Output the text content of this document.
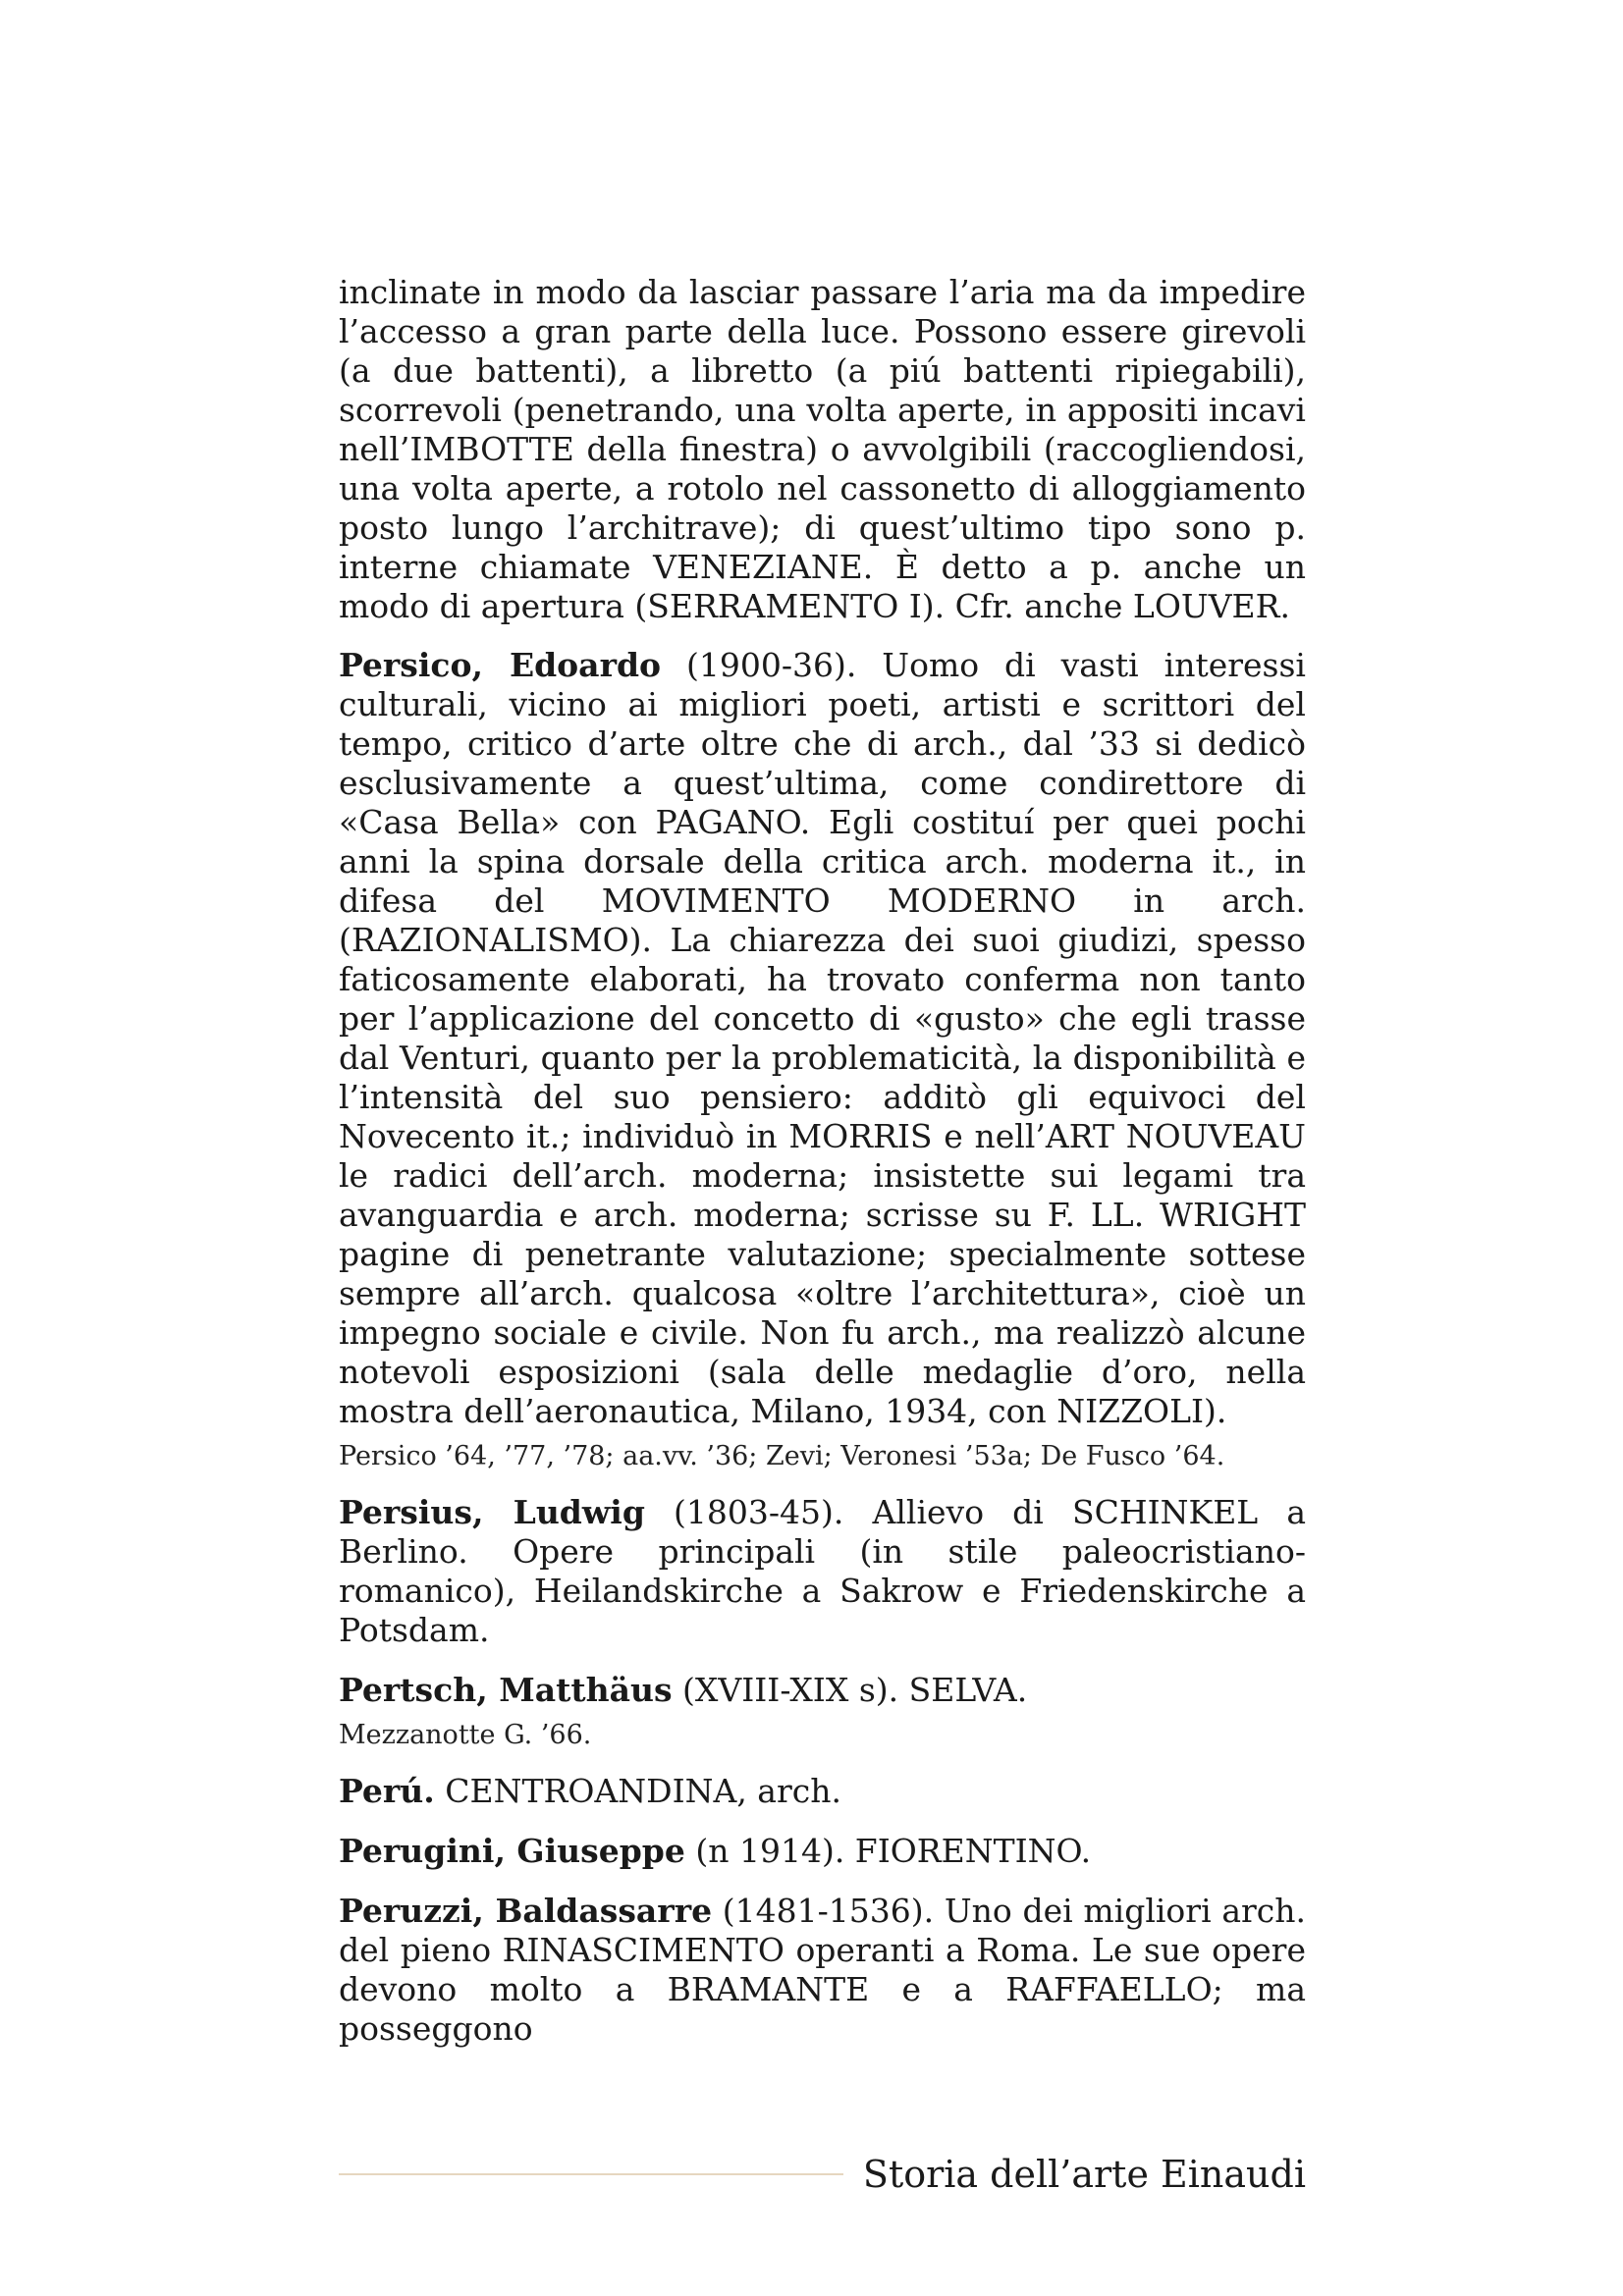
inclinate in modo da lasciar passare l’aria ma da impedire l’accesso a gran parte della luce. Possono essere girevoli (a due battenti), a libretto (a piú battenti ripiegabili), scorrevoli (penetrando, una volta aperte, in appositi incavi nell’IMBOTTE della finestra) o avvolgibili (raccogliendosi, una volta aperte, a rotolo nel cassonetto di alloggiamento posto lungo l’architrave); di quest’ultimo tipo sono p. interne chiamate VENEZIANE. È detto a p. anche un modo di apertura (SERRAMENTO I). Cfr. anche LOUVER.

Persico, Edoardo (1900-36). Uomo di vasti interessi culturali, vicino ai migliori poeti, artisti e scrittori del tempo, critico d’arte oltre che di arch., dal ’33 si dedicò esclusivamente a quest’ultima, come condirettore di «Casa Bella» con PAGANO. Egli costituí per quei pochi anni la spina dorsale della critica arch. moderna it., in difesa del MOVIMENTO MODERNO in arch. (RAZIONALISMO). La chiarezza dei suoi giudizi, spesso faticosamente elaborati, ha trovato conferma non tanto per l’applicazione del concetto di «gusto» che egli trasse dal Venturi, quanto per la problematicità, la disponibilità e l’intensità del suo pensiero: additò gli equivoci del Novecento it.; individuò in MORRIS e nell’ART NOUVEAU le radici dell’arch. moderna; insistette sui legami tra avanguardia e arch. moderna; scrisse su F. LL. WRIGHT pagine di penetrante valutazione; specialmente sottese sempre all’arch. qualcosa «oltre l’architettura», cioè un impegno sociale e civile. Non fu arch., ma realizzò alcune notevoli esposizioni (sala delle medaglie d’oro, nella mostra dell’aeronautica, Milano, 1934, con NIZZOLI).

Persico ’64, ’77, ’78; aa.vv. ’36; Zevi; Veronesi ’53a; De Fusco ’64.

Persius, Ludwig (1803-45). Allievo di SCHINKEL a Berlino. Opere principali (in stile paleocristiano-romanico), Heilandskirche a Sakrow e Friedenskirche a Potsdam.

Pertsch, Matthäus (XVIII-XIX s). SELVA.

Mezzanotte G. ’66.

Perú. CENTROANDINA, arch.

Perugini, Giuseppe (n 1914). FIORENTINO.

Peruzzi, Baldassarre (1481-1536). Uno dei migliori arch. del pieno RINASCIMENTO operanti a Roma. Le sue opere devono molto a BRAMANTE e a RAFFAELLO; ma posseggono

Storia dell’arte Einaudi
